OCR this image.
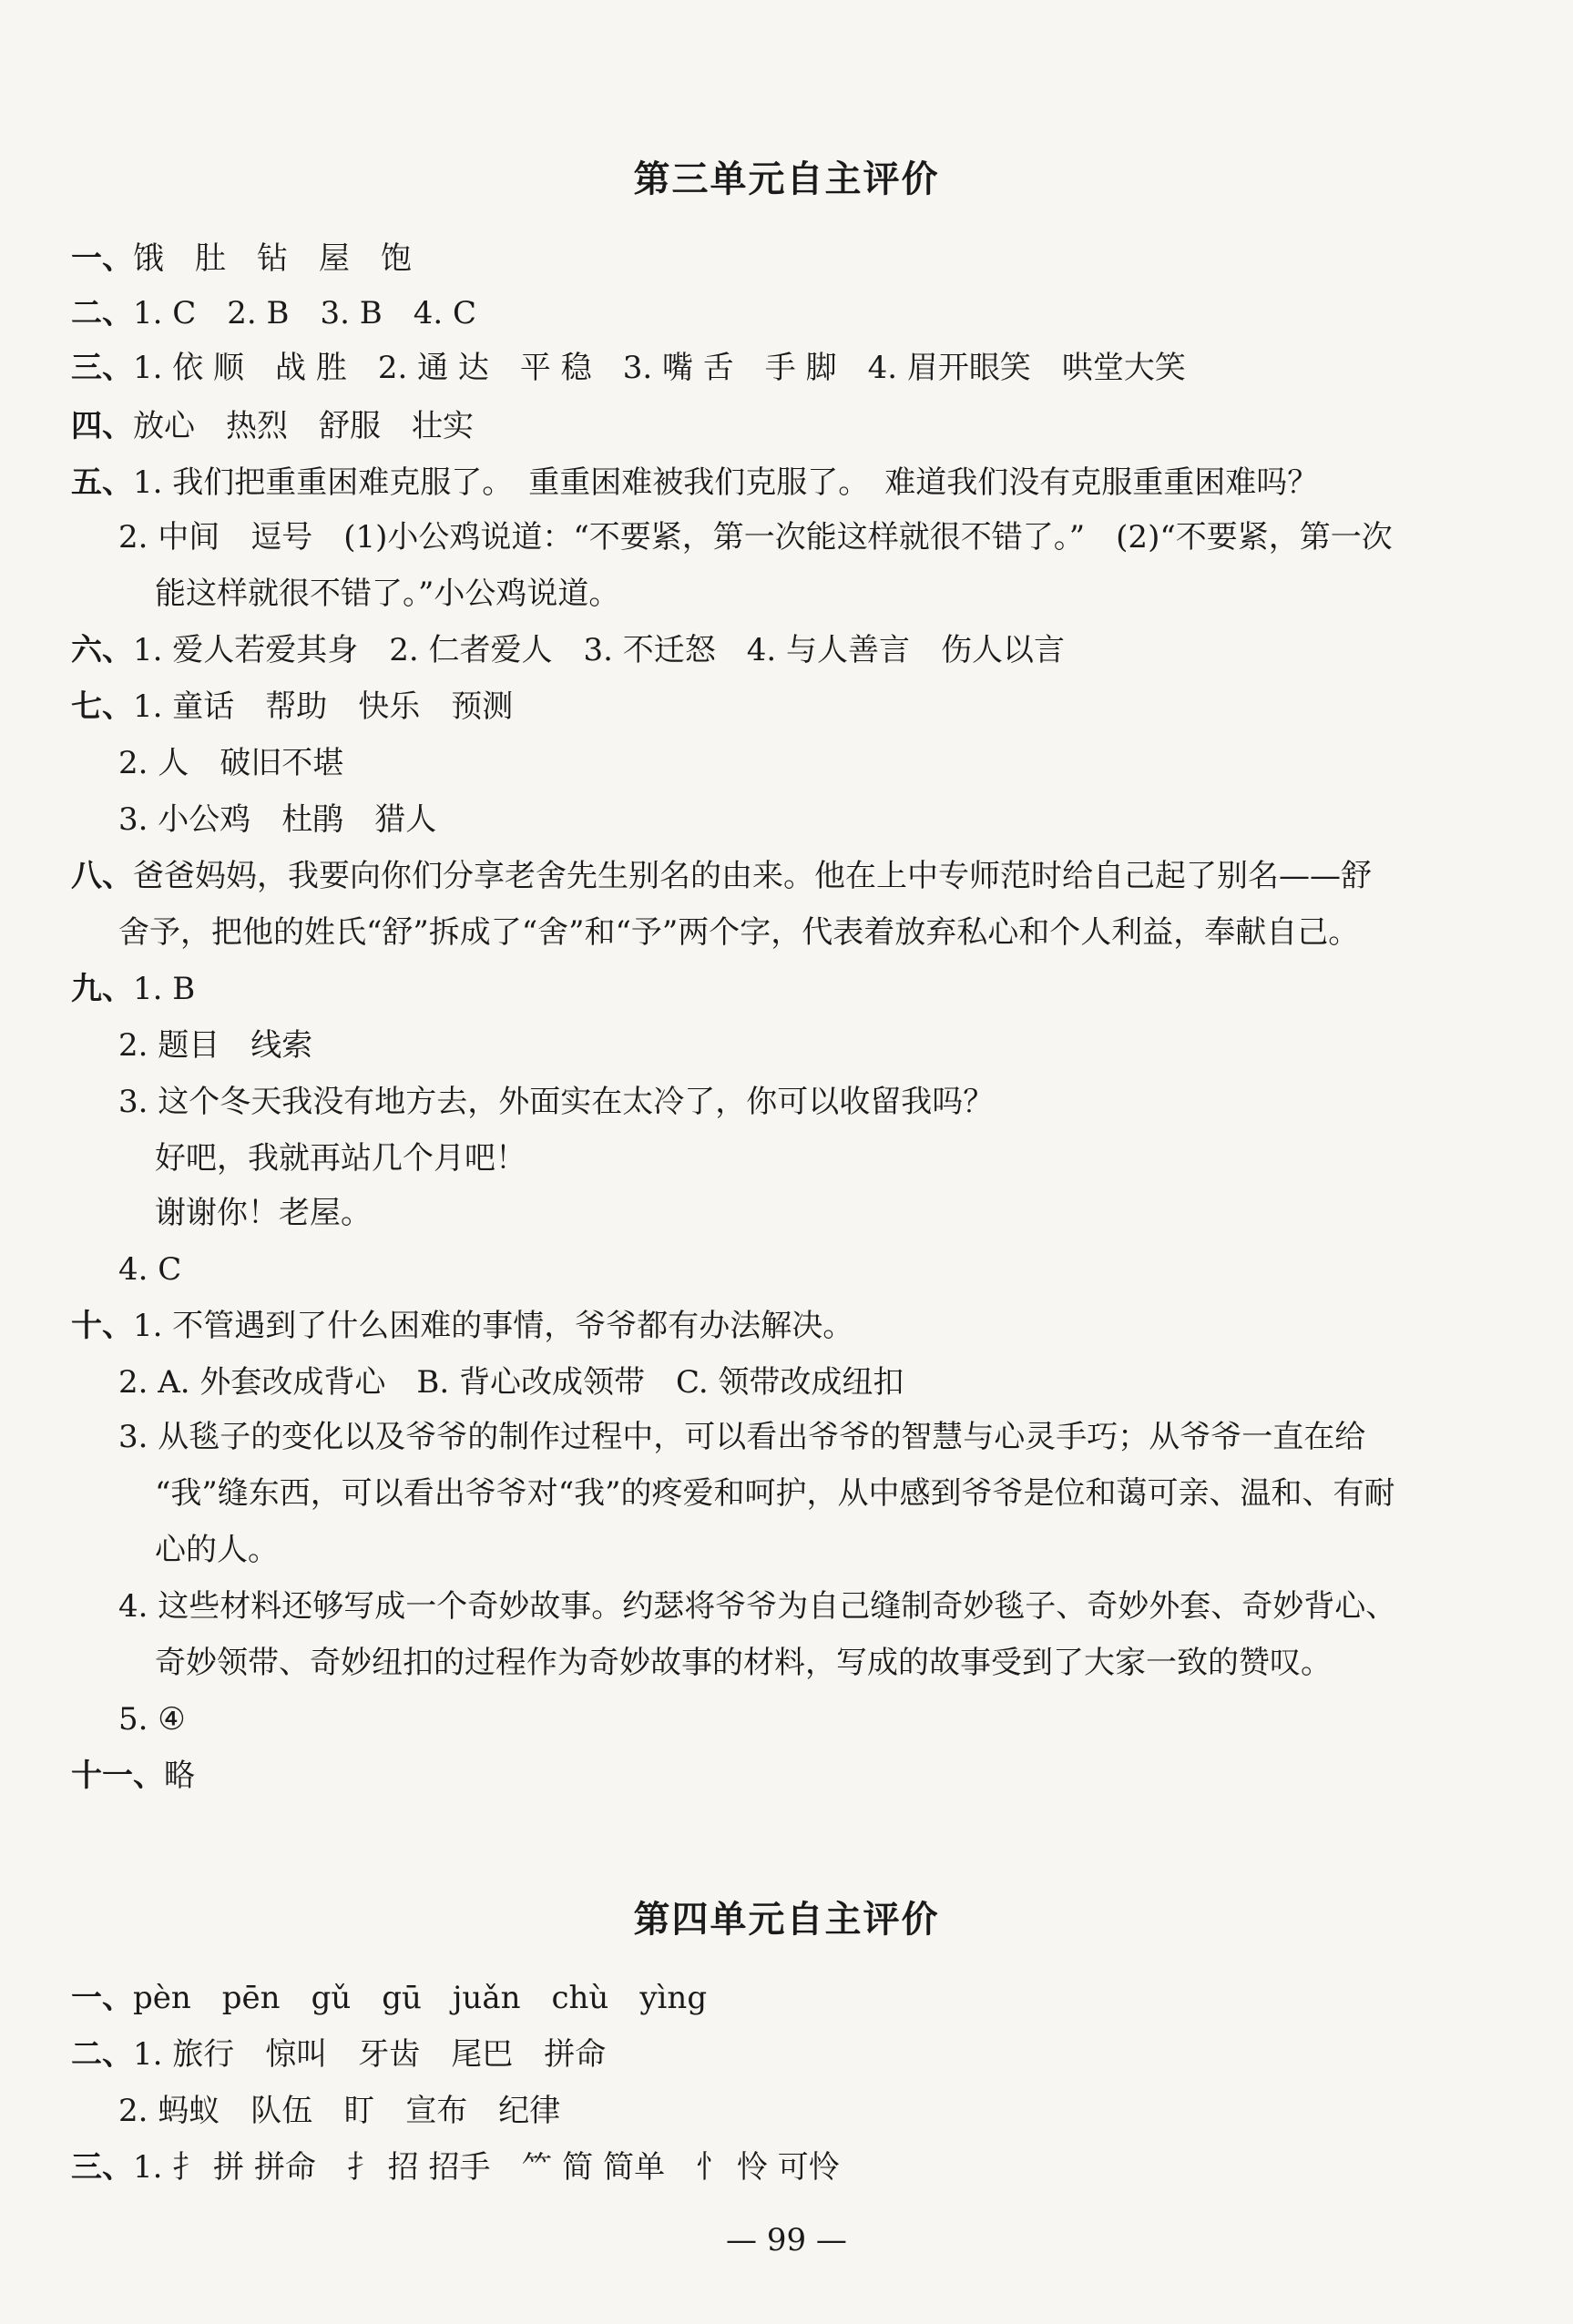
第三单元自主评价
一、饿　肚　钻　屋　饱
二、1. C　2. B　3. B　4. C
三、1. 依 顺　战 胜　2. 通 达　平 稳　3. 嘴 舌　手 脚　4. 眉开眼笑　哄堂大笑
四、放心　热烈　舒服　壮实
五、1. 我们把重重困难克服了。　重重困难被我们克服了。　难道我们没有克服重重困难吗？
2. 中间　逗号　(1)小公鸡说道：“不要紧，第一次能这样就很不错了。”　(2)“不要紧，第一次
能这样就很不错了。”小公鸡说道。
六、1. 爱人若爱其身　2. 仁者爱人　3. 不迁怒　4. 与人善言　伤人以言
七、1. 童话　帮助　快乐　预测
2. 人　破旧不堪
3. 小公鸡　杜鹃　猎人
八、爸爸妈妈，我要向你们分享老舍先生别名的由来。他在上中专师范时给自己起了别名——舒
舍予，把他的姓氏“舒”拆成了“舍”和“予”两个字，代表着放弃私心和个人利益，奉献自己。
九、1. B
2. 题目　线索
3. 这个冬天我没有地方去，外面实在太冷了，你可以收留我吗？
好吧，我就再站几个月吧！
谢谢你！老屋。
4. C
十、1. 不管遇到了什么困难的事情，爷爷都有办法解决。
2. A. 外套改成背心　B. 背心改成领带　C. 领带改成纽扣
3. 从毯子的变化以及爷爷的制作过程中，可以看出爷爷的智慧与心灵手巧；从爷爷一直在给
“我”缝东西，可以看出爷爷对“我”的疼爱和呵护，从中感到爷爷是位和蔼可亲、温和、有耐
心的人。
4. 这些材料还够写成一个奇妙故事。约瑟将爷爷为自己缝制奇妙毯子、奇妙外套、奇妙背心、
奇妙领带、奇妙纽扣的过程作为奇妙故事的材料，写成的故事受到了大家一致的赞叹。
5. ④
十一、略
第四单元自主评价
一、pèn　pēn　gǔ　gū　juǎn　chù　yìng
二、1. 旅行　惊叫　牙齿　尾巴　拼命
2. 蚂蚁　队伍　盯　宣布　纪律
三、1. 扌 拼 拼命　扌 招 招手　⺮ 简 简单　忄 怜 可怜
— 99 —
